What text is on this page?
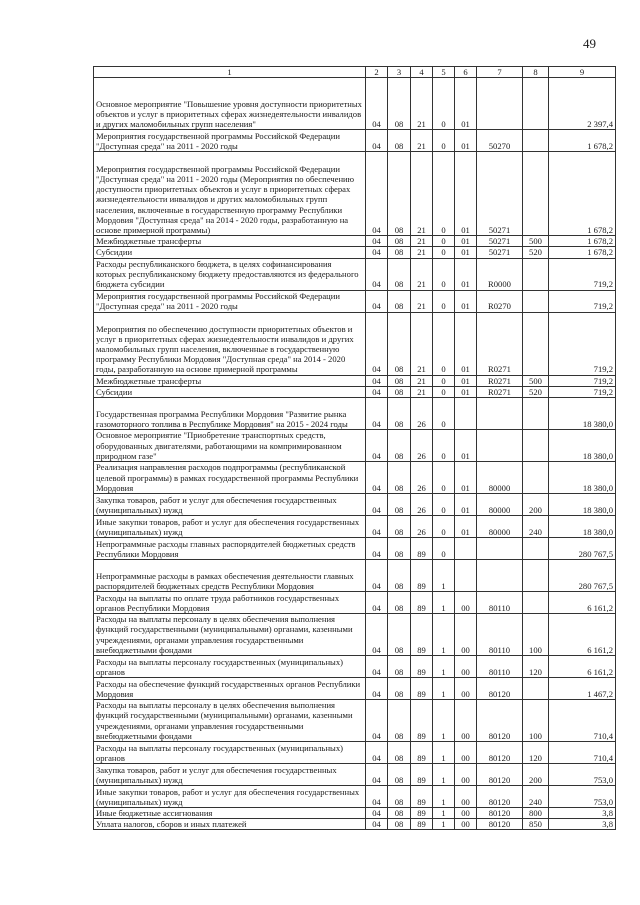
49
1	2	3	4	5	6	7	8	9
Основное мероприятие "Повышение уровня доступности приоритетных объектов и услуг в приоритетных сферах жизнедеятельности инвалидов и других маломобильных групп населения"	04	08	21	0	01			2 397,4
Мероприятия государственной программы Российской Федерации "Доступная среда" на 2011 - 2020 годы	04	08	21	0	01	50270		1 678,2
Мероприятия государственной программы Российской Федерации "Доступная среда" на 2011 - 2020 годы (Мероприятия по обеспечению доступности приоритетных объектов и услуг в приоритетных сферах жизнедеятельности инвалидов и других маломобильных групп населения, включенные в государственную программу Республики Мордовия "Доступная среда" на 2014 - 2020 годы, разработанную на основе примерной программы)	04	08	21	0	01	50271		1 678,2
Межбюджетные трансферты	04	08	21	0	01	50271	500	1 678,2
Субсидии	04	08	21	0	01	50271	520	1 678,2
Расходы республиканского бюджета, в целях софинансирования которых республиканскому бюджету предоставляются из федерального бюджета субсидии	04	08	21	0	01	R0000		719,2
Мероприятия государственной программы Российской Федерации "Доступная среда" на 2011 - 2020 годы	04	08	21	0	01	R0270		719,2
Мероприятия по обеспечению доступности приоритетных объектов и услуг в приоритетных сферах жизнедеятельности инвалидов и других маломобильных групп населения, включенные в государственную программу Республики Мордовия "Доступная среда" на 2014 - 2020 годы, разработанную на основе примерной программы	04	08	21	0	01	R0271		719,2
Межбюджетные трансферты	04	08	21	0	01	R0271	500	719,2
Субсидии	04	08	21	0	01	R0271	520	719,2
Государственная программа Республики Мордовия "Развитие рынка газомоторного топлива в Республике Мордовия" на 2015 - 2024 годы	04	08	26	0				18 380,0
Основное мероприятие "Приобретение транспортных средств, оборудованных двигателями, работающими на компримированном природном газе"	04	08	26	0	01			18 380,0
Реализация направления расходов подпрограммы (республиканской целевой программы) в рамках государственной программы Республики Мордовия	04	08	26	0	01	80000		18 380,0
Закупка товаров, работ и услуг для обеспечения государственных (муниципальных) нужд	04	08	26	0	01	80000	200	18 380,0
Иные закупки товаров, работ и услуг для обеспечения государственных (муниципальных) нужд	04	08	26	0	01	80000	240	18 380,0
Непрограммные расходы главных распорядителей бюджетных средств Республики Мордовия	04	08	89	0				280 767,5
Непрограммные расходы в рамках обеспечения деятельности главных распорядителей бюджетных средств Республики Мордовия	04	08	89	1				280 767,5
Расходы на выплаты по оплате труда работников государственных органов Республики Мордовия	04	08	89	1	00	80110		6 161,2
Расходы на выплаты персоналу в целях обеспечения выполнения функций государственными (муниципальными) органами, казенными учреждениями, органами управления государственными внебюджетными фондами	04	08	89	1	00	80110	100	6 161,2
Расходы на выплаты персоналу государственных (муниципальных) органов	04	08	89	1	00	80110	120	6 161,2
Расходы на обеспечение функций государственных органов Республики Мордовия	04	08	89	1	00	80120		1 467,2
Расходы на выплаты персоналу в целях обеспечения выполнения функций государственными (муниципальными) органами, казенными учреждениями, органами управления государственными внебюджетными фондами	04	08	89	1	00	80120	100	710,4
Расходы на выплаты персоналу государственных (муниципальных) органов	04	08	89	1	00	80120	120	710,4
Закупка товаров, работ и услуг для обеспечения государственных (муниципальных) нужд	04	08	89	1	00	80120	200	753,0
Иные закупки товаров, работ и услуг для обеспечения государственных (муниципальных) нужд	04	08	89	1	00	80120	240	753,0
Иные бюджетные ассигнования	04	08	89	1	00	80120	800	3,8
Уплата налогов, сборов и иных платежей	04	08	89	1	00	80120	850	3,8
